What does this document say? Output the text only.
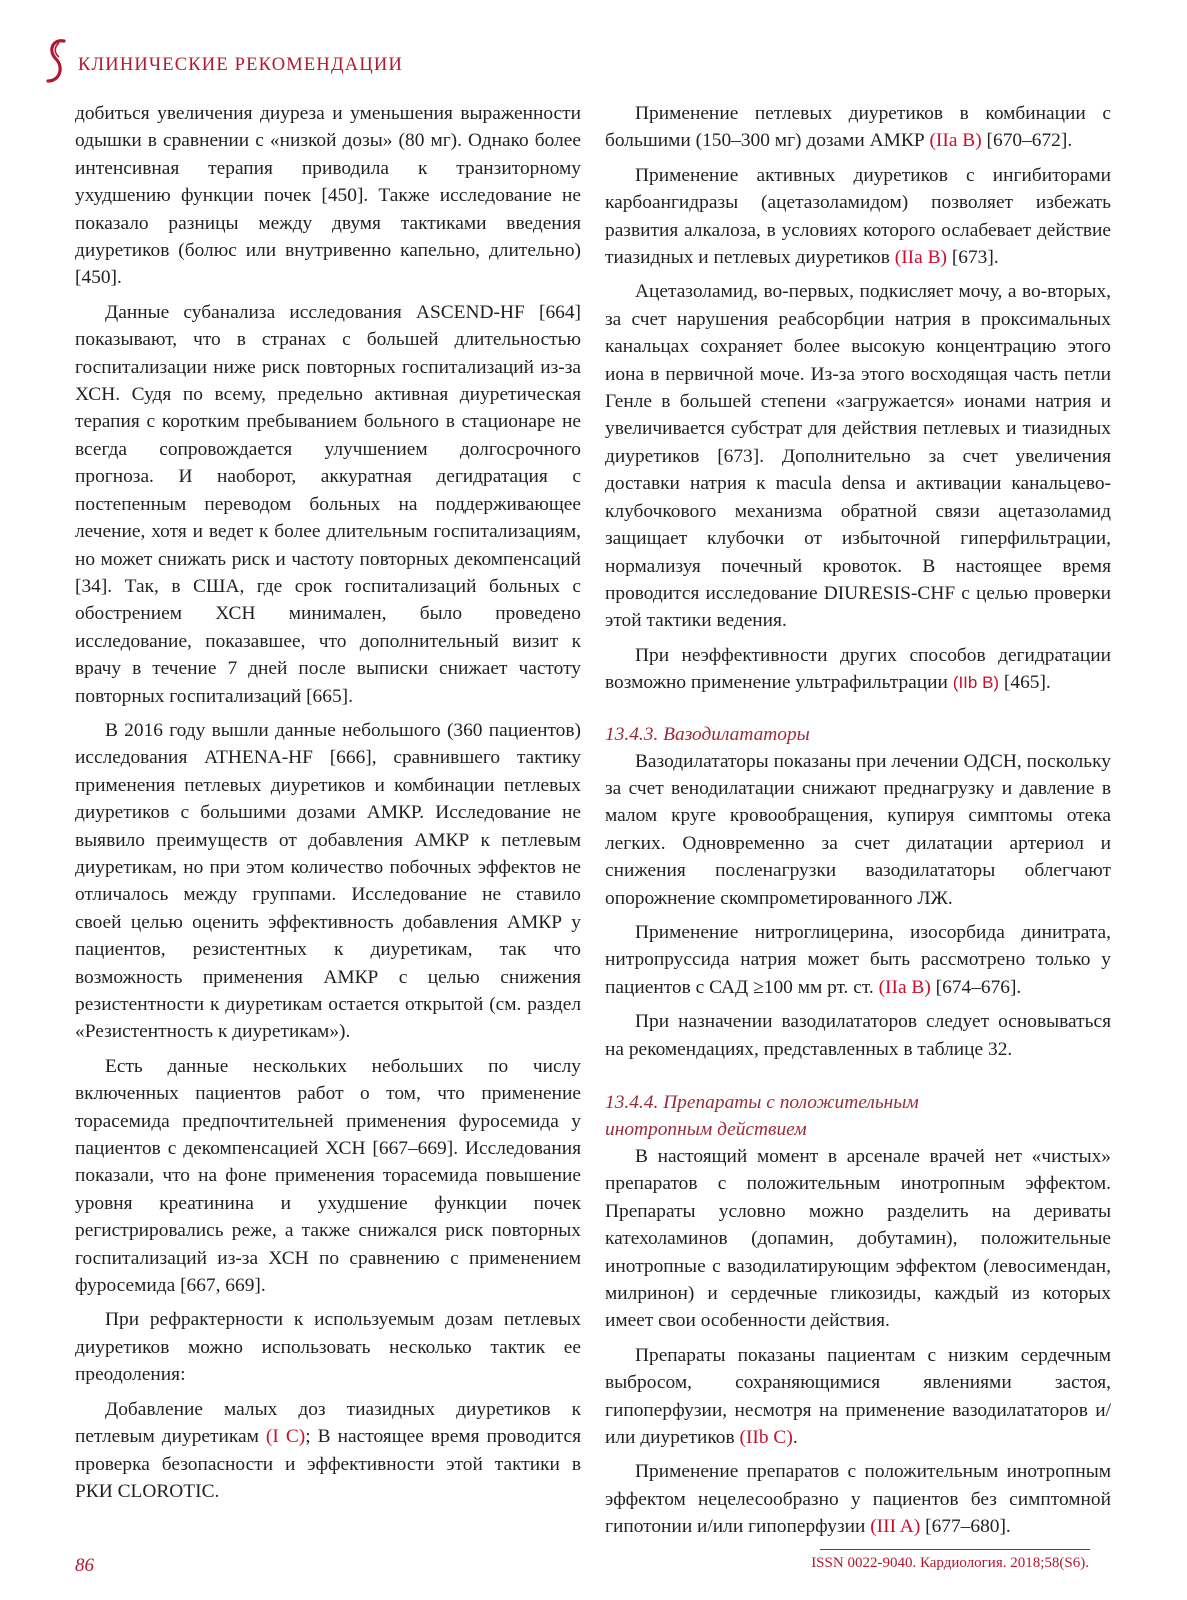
КЛИНИЧЕСКИЕ РЕКОМЕНДАЦИИ

добиться увеличения диуреза и уменьшения выраженности одышки в сравнении с «низкой дозы» (80 мг). Однако более интенсивная терапия приводила к транзиторному ухудшению функции почек [450]. Также исследование не показало разницы между двумя тактиками введения диуретиков (болюс или внутривенно капельно, длительно) [450].

Данные субанализа исследования ASCEND-HF [664] показывают, что в странах с большей длительностью госпитализации ниже риск повторных госпитализаций из-за ХСН. Судя по всему, предельно активная диуретическая терапия с коротким пребыванием больного в стационаре не всегда сопровождается улучшением долгосрочного прогноза. И наоборот, аккуратная дегидратация с постепенным переводом больных на поддерживающее лечение, хотя и ведет к более длительным госпитализациям, но может снижать риск и частоту повторных декомпенсаций [34]. Так, в США, где срок госпитализаций больных с обострением ХСН минимален, было проведено исследование, показавшее, что дополнительный визит к врачу в течение 7 дней после выписки снижает частоту повторных госпитализаций [665].

В 2016 году вышли данные небольшого (360 пациентов) исследования ATHENA-HF [666], сравнившего тактику применения петлевых диуретиков и комбинации петлевых диуретиков с большими дозами АМКР. Исследование не выявило преимуществ от добавления АМКР к петлевым диуретикам, но при этом количество побочных эффектов не отличалось между группами. Исследование не ставило своей целью оценить эффективность добавления АМКР у пациентов, резистентных к диуретикам, так что возможность применения АМКР с целью снижения резистентности к диуретикам остается открытой (см. раздел «Резистентность к диуретикам»).

Есть данные нескольких небольших по числу включенных пациентов работ о том, что применение торасемида предпочтительней применения фуросемида у пациентов с декомпенсацией ХСН [667–669]. Исследования показали, что на фоне применения торасемида повышение уровня креатинина и ухудшение функции почек регистрировались реже, а также снижался риск повторных госпитализаций из-за ХСН по сравнению с применением фуросемида [667, 669].

При рефрактерности к используемым дозам петлевых диуретиков можно использовать несколько тактик ее преодоления:

Добавление малых доз тиазидных диуретиков к петлевым диуретикам (I C); В настоящее время проводится проверка безопасности и эффективности этой тактики в РКИ CLOROTIC.

Применение петлевых диуретиков в комбинации с большими (150–300 мг) дозами АМКР (IIa B) [670–672].

Применение активных диуретиков с ингибиторами карбоангидразы (ацетазоламидом) позволяет избежать развития алкалоза, в условиях которого ослабевает действие тиазидных и петлевых диуретиков (IIa B) [673].

Ацетазоламид, во-первых, подкисляет мочу, а во-вторых, за счет нарушения реабсорбции натрия в проксимальных канальцах сохраняет более высокую концентрацию этого иона в первичной моче. Из-за этого восходящая часть петли Генле в большей степени «загружается» ионами натрия и увеличивается субстрат для действия петлевых и тиазидных диуретиков [673]. Дополнительно за счет увеличения доставки натрия к macula densa и активации канальцево-клубочкового механизма обратной связи ацетазоламид защищает клубочки от избыточной гиперфильтрации, нормализуя почечный кровоток. В настоящее время проводится исследование DIURESIS-CHF с целью проверки этой тактики ведения.

При неэффективности других способов дегидратации возможно применение ультрафильтрации (IIb B) [465].

13.4.3. Вазодилататоры

Вазодилататоры показаны при лечении ОДСН, поскольку за счет венодилатации снижают преднагрузку и давление в малом круге кровообращения, купируя симптомы отека легких. Одновременно за счет дилатации артериол и снижения посленагрузки вазодилататоры облегчают опорожнение скомпрометированного ЛЖ.

Применение нитроглицерина, изосорбида динитрата, нитропруссида натрия может быть рассмотрено только у пациентов с САД ≥100 мм рт. ст. (IIa B) [674–676].

При назначении вазодилататоров следует основываться на рекомендациях, представленных в таблице 32.

13.4.4. Препараты с положительным
инотропным действием

В настоящий момент в арсенале врачей нет «чистых» препаратов с положительным инотропным эффектом. Препараты условно можно разделить на дериваты катехоламинов (допамин, добутамин), положительные инотропные с вазодилатирующим эффектом (левосимендан, милринон) и сердечные гликозиды, каждый из которых имеет свои особенности действия.

Препараты показаны пациентам с низким сердечным выбросом, сохраняющимися явлениями застоя, гипоперфузии, несмотря на применение вазодилататоров и/или диуретиков (IIb C).

Применение препаратов с положительным инотропным эффектом нецелесообразно у пациентов без симптомной гипотонии и/или гипоперфузии (III A) [677–680].

86	ISSN 0022-9040. Кардиология. 2018;58(S6).
